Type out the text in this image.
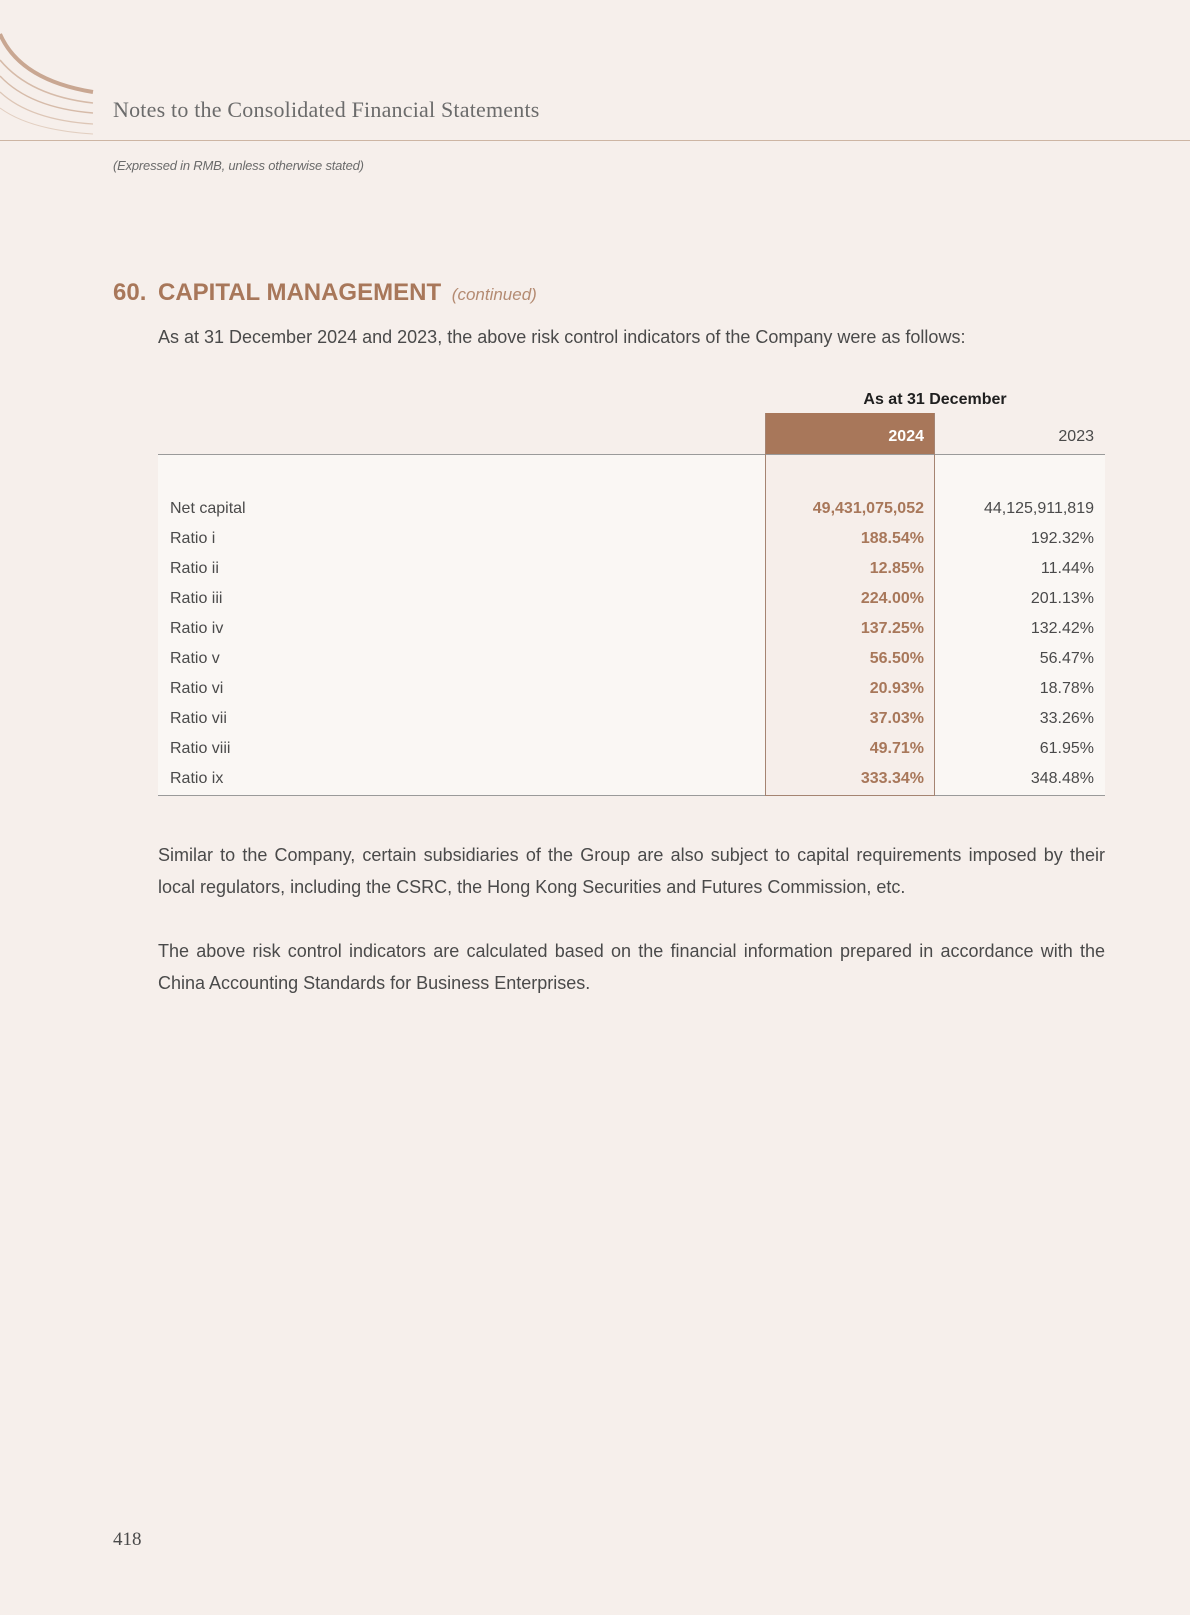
Notes to the Consolidated Financial Statements
(Expressed in RMB, unless otherwise stated)
60. CAPITAL MANAGEMENT (continued)
As at 31 December 2024 and 2023, the above risk control indicators of the Company were as follows:
As at 31 December
2024	2023
Net capital	49,431,075,052	44,125,911,819
Ratio i	188.54%	192.32%
Ratio ii	12.85%	11.44%
Ratio iii	224.00%	201.13%
Ratio iv	137.25%	132.42%
Ratio v	56.50%	56.47%
Ratio vi	20.93%	18.78%
Ratio vii	37.03%	33.26%
Ratio viii	49.71%	61.95%
Ratio ix	333.34%	348.48%
Similar to the Company, certain subsidiaries of the Group are also subject to capital requirements imposed by their local regulators, including the CSRC, the Hong Kong Securities and Futures Commission, etc.
The above risk control indicators are calculated based on the financial information prepared in accordance with the China Accounting Standards for Business Enterprises.
418
